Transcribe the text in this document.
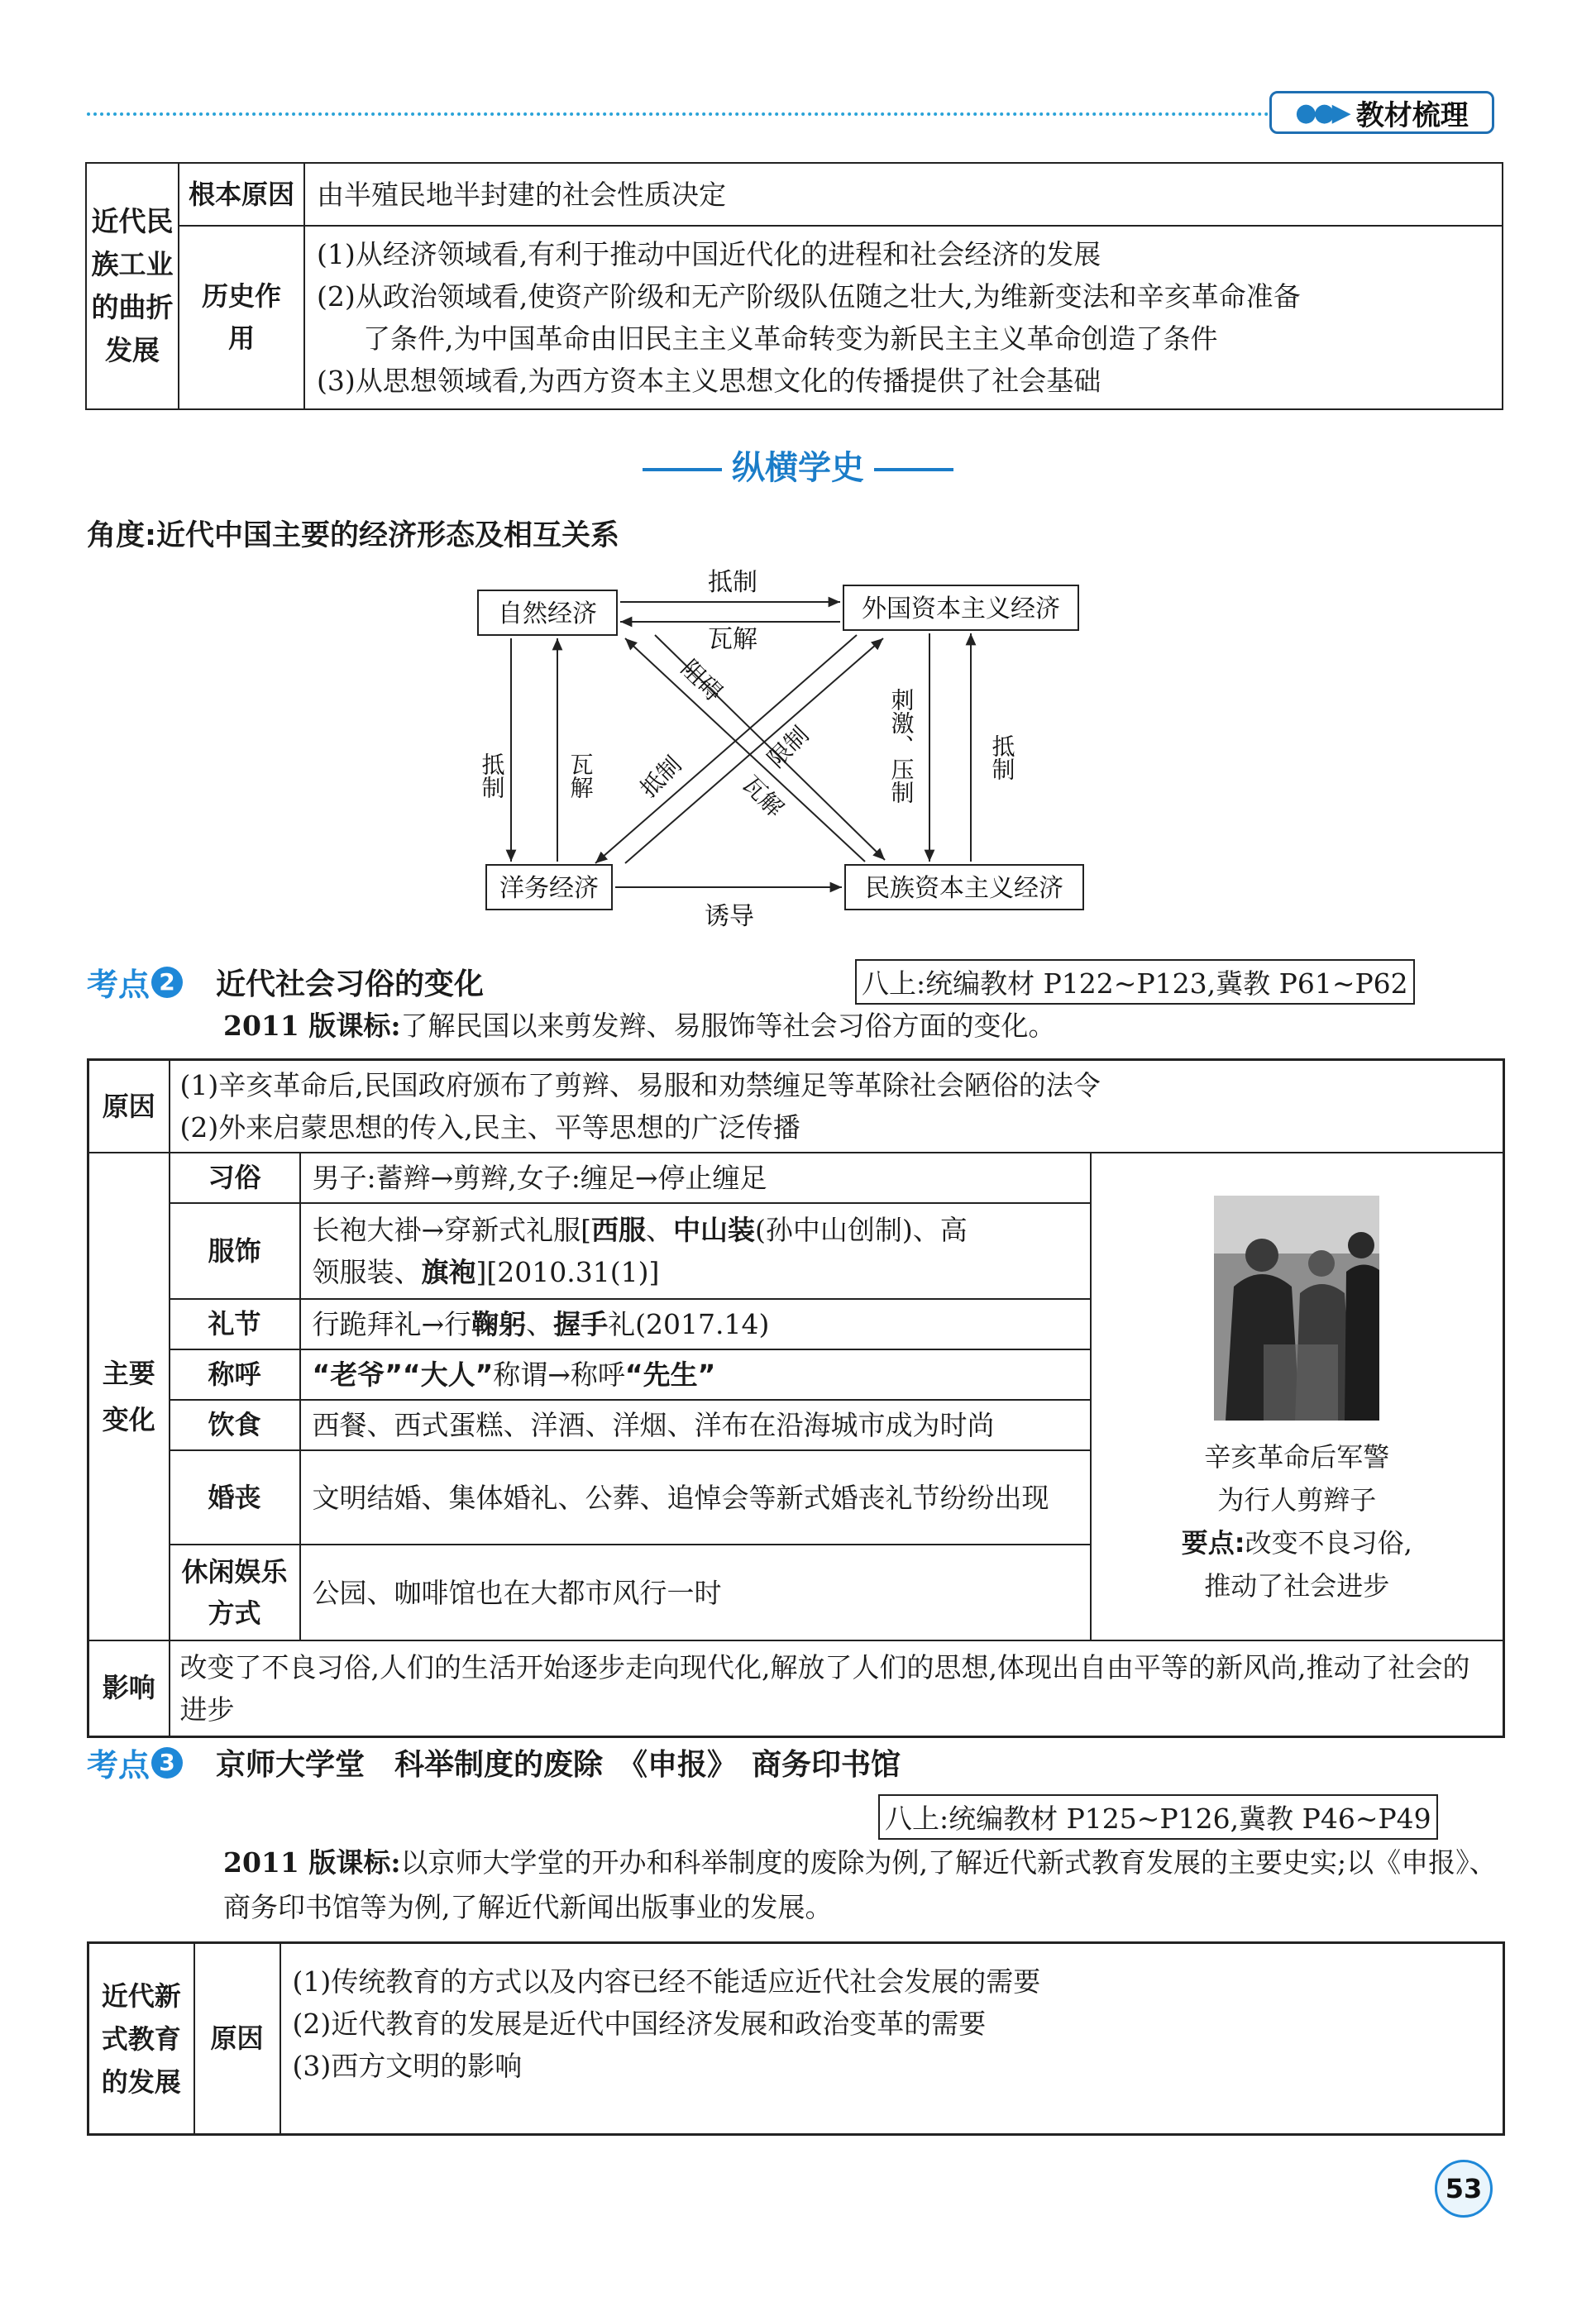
●●▶ 教材梳理
近代民族工业的曲折发展	根本原因	由半殖民地半封建的社会性质决定
	历史作用	(1)从经济领域看,有利于推动中国近代化的进程和社会经济的发展
(2)从政治领域看,使资产阶级和无产阶级队伍随之壮大,为维新变法和辛亥革命准备
了条件,为中国革命由旧民主主义革命转变为新民主主义革命创造了条件
(3)从思想领域看,为西方资本主义思想文化的传播提供了社会基础
纵横学史
角度:近代中国主要的经济形态及相互关系
自然经济	外国资本主义经济
洋务经济	民族资本主义经济
抵制
瓦解
诱导
抵制	瓦解	刺激、压制	抵制
阻碍
限制
抵制 瓦解
考点 2 近代社会习俗的变化	八上:统编教材 P122~P123,冀教 P61~P62
2011 版课标:了解民国以来剪发辫、易服饰等社会习俗方面的变化。
原因	(1)辛亥革命后,民国政府颁布了剪辫、易服和劝禁缠足等革除社会陋俗的法令
(2)外来启蒙思想的传入,民主、平等思想的广泛传播		

主要变化	习俗	男子:蓄辫→剪辫,女子:缠足→停止缠足	辛亥革命后军警
为行人剪辫子
要点:改变不良习俗,
推动了社会进步

	服饰	长袍大褂→穿新式礼服[西服、中山装(孙中山创制)、高
领服装、旗袍][2010.31(1)]	

	礼节	行跪拜礼→行鞠躬、握手礼(2017.14)	
	称呼	“老爷”“大人”称谓→称呼“先生”	
	饮食	西餐、西式蛋糕、洋酒、洋烟、洋布在沿海城市成为时尚	
	婚丧	文明结婚、集体婚礼、公葬、追悼会等新式婚丧礼节纷纷出现	
	休闲娱乐方式	公园、咖啡馆也在大都市风行一时	
影响	改变了不良习俗,人们的生活开始逐步走向现代化,解放了人们的思想,体现出自由平等的新风尚,推动了社会的进步		
考点 3 京师大学堂　科举制度的废除　《申报》　商务印书馆
八上:统编教材 P125~P126,冀教 P46~P49
2011 版课标:以京师大学堂的开办和科举制度的废除为例,了解近代新式教育发展的主要史实;以《申报》、商务印书馆等为例,了解近代新闻出版事业的发展。
近代新式教育的发展	原因	
(1)传统教育的方式以及内容已经不能适应近代社会发展的需要
(2)近代教育的发展是近代中国经济发展和政治变革的需要
(3)西方文明的影响
53
